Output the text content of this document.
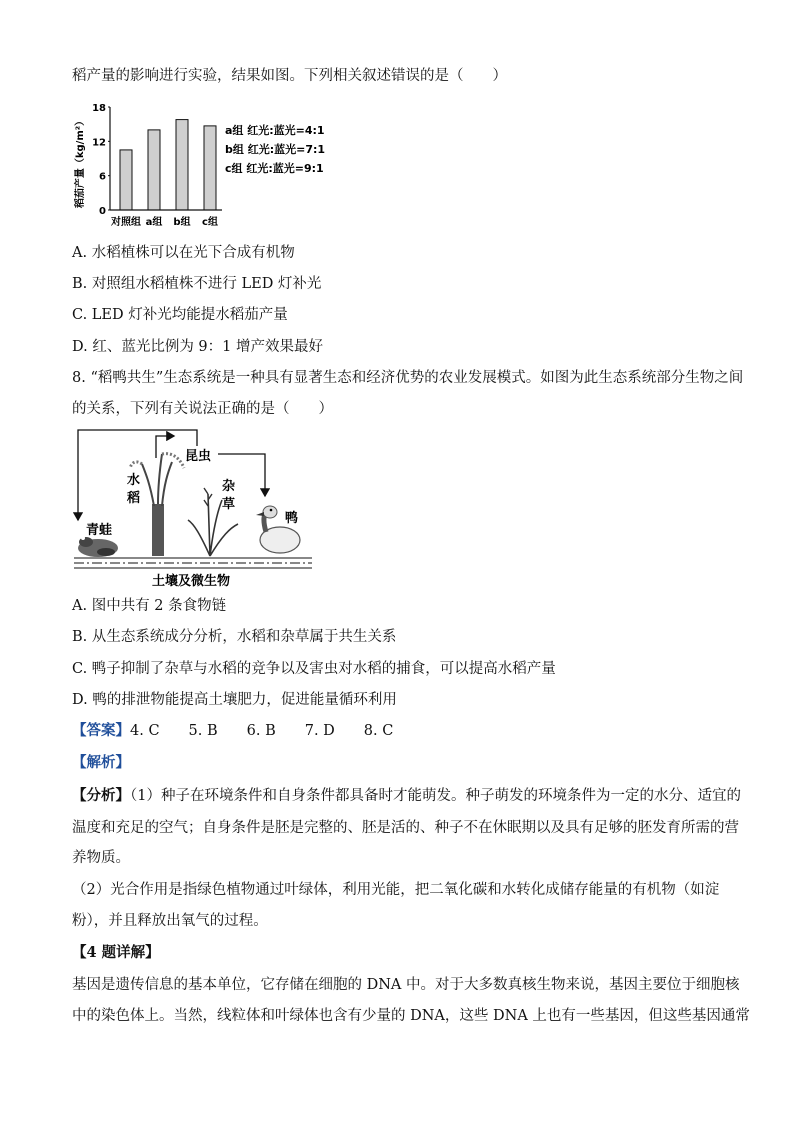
稻产量的影响进行实验，结果如图。下列相关叙述错误的是（　　）
稻茄产量（kg/m²）
18
12
6
0
对照组 a组 b组 c组
a组 红光:蓝光=4:1
b组 红光:蓝光=7:1
c组 红光:蓝光=9:1
A. 水稻植株可以在光下合成有机物
B. 对照组水稻植株不进行 LED 灯补光
C. LED 灯补光均能提水稻茄产量
D. 红、蓝光比例为 9：1 增产效果最好
8. “稻鸭共生”生态系统是一种具有显著生态和经济优势的农业发展模式。如图为此生态系统部分生物之间
的关系，下列有关说法正确的是（　　）
昆虫
水
稻
杂
草
青蛙
鸭
土壤及微生物
A. 图中共有 2 条食物链
B. 从生态系统成分分析，水稻和杂草属于共生关系
C. 鸭子抑制了杂草与水稻的竞争以及害虫对水稻的捕食，可以提高水稻产量
D. 鸭的排泄物能提高土壤肥力，促进能量循环利用
【答案】4. C　　5. B　　6. B　　7. D　　8. C
【解析】
【分析】（1）种子在环境条件和自身条件都具备时才能萌发。种子萌发的环境条件为一定的水分、适宜的
温度和充足的空气；自身条件是胚是完整的、胚是活的、种子不在休眠期以及具有足够的胚发育所需的营
养物质。
（2）光合作用是指绿色植物通过叶绿体，利用光能，把二氧化碳和水转化成储存能量的有机物（如淀
粉），并且释放出氧气的过程。
【4 题详解】
基因是遗传信息的基本单位，它存储在细胞的 DNA 中。对于大多数真核生物来说，基因主要位于细胞核
中的染色体上。当然，线粒体和叶绿体也含有少量的 DNA，这些 DNA 上也有一些基因，但这些基因通常
